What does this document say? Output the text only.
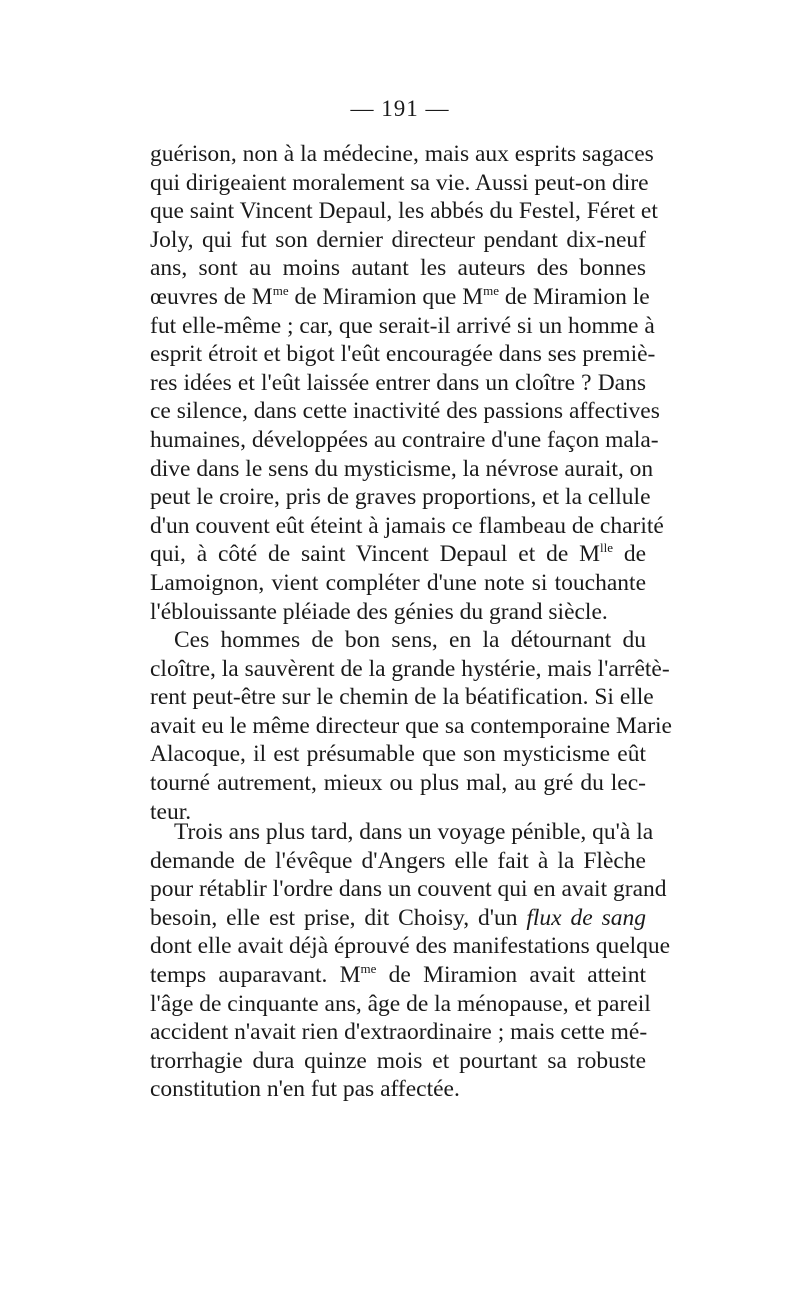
— 191 —

guérison, non à la médecine, mais aux esprits sagaces
qui dirigeaient moralement sa vie. Aussi peut-on dire
que saint Vincent Depaul, les abbés du Festel, Féret et
Joly, qui fut son dernier directeur pendant dix-neuf
ans, sont au moins autant les auteurs des bonnes
œuvres de $M^{me}$ de Miramion que $M^{me}$ de Miramion le
fut elle-même ; car, que serait-il arrivé si un homme à
esprit étroit et bigot l'eût encouragée dans ses premiè-
res idées et l'eût laissée entrer dans un cloître ? Dans
ce silence, dans cette inactivité des passions affectives
humaines, développées au contraire d'une façon mala-
dive dans le sens du mysticisme, la névrose aurait, on
peut le croire, pris de graves proportions, et la cellule
d'un couvent eût éteint à jamais ce flambeau de charité
qui, à côté de saint Vincent Depaul et de $M^{lle}$ de
Lamoignon, vient compléter d'une note si touchante
l'éblouissante pléiade des génies du grand siècle.

Ces hommes de bon sens, en la détournant du
cloître, la sauvèrent de la grande hystérie, mais l'arrêtè-
rent peut-être sur le chemin de la béatification. Si elle
avait eu le même directeur que sa contemporaine Marie
Alacoque, il est présumable que son mysticisme eût
tourné autrement, mieux ou plus mal, au gré du lec-
teur.

Trois ans plus tard, dans un voyage pénible, qu'à la
demande de l'évêque d'Angers elle fait à la Flèche
pour rétablir l'ordre dans un couvent qui en avait grand
besoin, elle est prise, dit Choisy, d'un flux de sang
dont elle avait déjà éprouvé des manifestations quelque
temps auparavant. $M^{me}$ de Miramion avait atteint
l'âge de cinquante ans, âge de la ménopause, et pareil
accident n'avait rien d'extraordinaire ; mais cette mé-
trorrhagie dura quinze mois et pourtant sa robuste
constitution n'en fut pas affectée.
